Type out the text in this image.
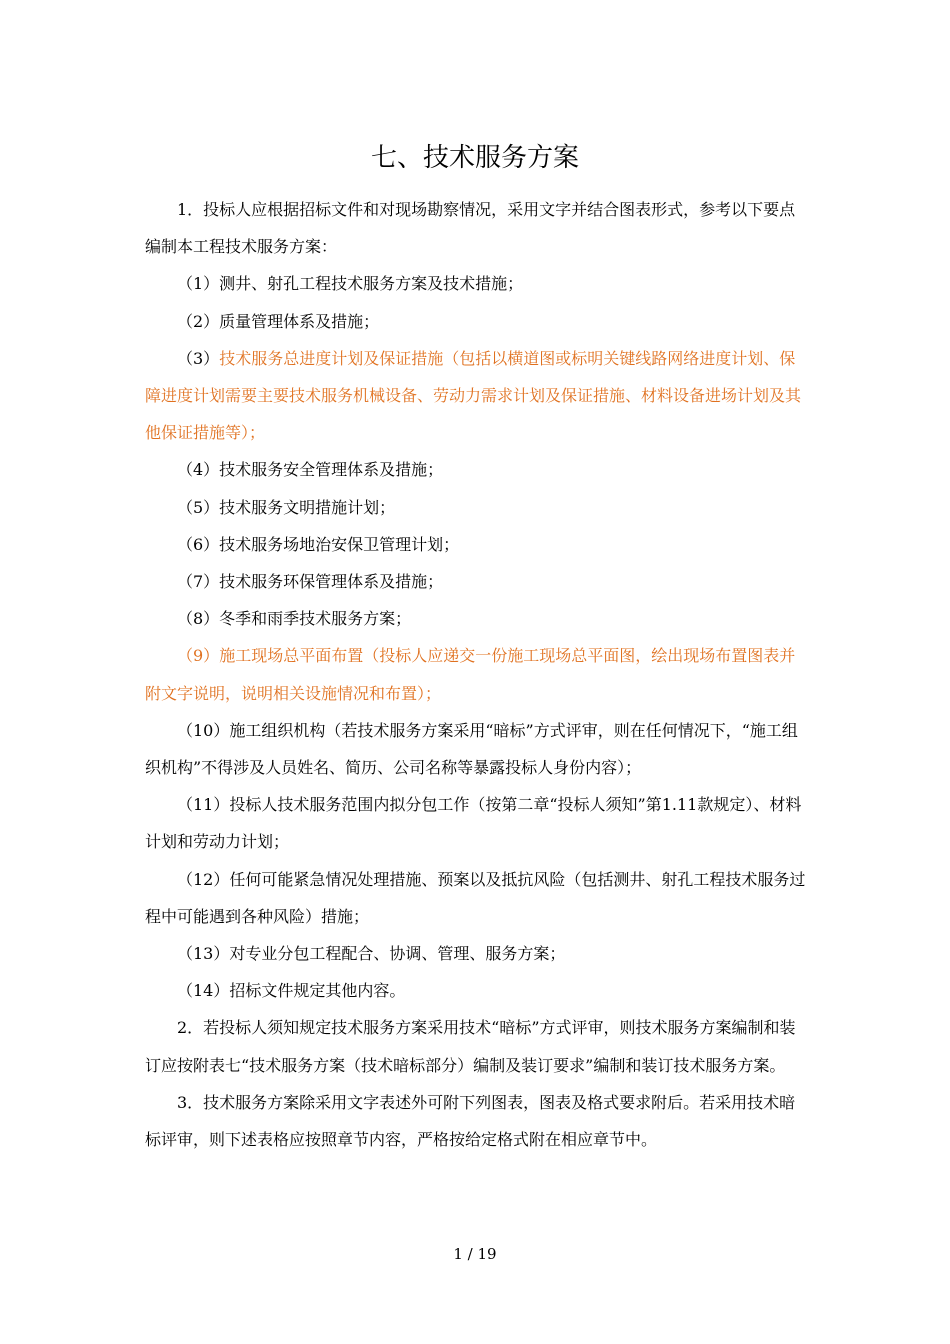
七、技术服务方案

1．投标人应根据招标文件和对现场勘察情况，采用文字并结合图表形式，参考以下要点编制本工程技术服务方案：

（1）测井、射孔工程技术服务方案及技术措施；

（2）质量管理体系及措施；

（3）技术服务总进度计划及保证措施（包括以横道图或标明关键线路网络进度计划、保障进度计划需要主要技术服务机械设备、劳动力需求计划及保证措施、材料设备进场计划及其他保证措施等）；

（4）技术服务安全管理体系及措施；

（5）技术服务文明措施计划；

（6）技术服务场地治安保卫管理计划；

（7）技术服务环保管理体系及措施；

（8）冬季和雨季技术服务方案；

（9）施工现场总平面布置（投标人应递交一份施工现场总平面图，绘出现场布置图表并附文字说明，说明相关设施情况和布置）；

（10）施工组织机构（若技术服务方案采用“暗标”方式评审，则在任何情况下，“施工组织机构”不得涉及人员姓名、简历、公司名称等暴露投标人身份内容）；

（11）投标人技术服务范围内拟分包工作（按第二章“投标人须知”第1.11款规定）、材料计划和劳动力计划；

（12）任何可能紧急情况处理措施、预案以及抵抗风险（包括测井、射孔工程技术服务过程中可能遇到各种风险）措施；

（13）对专业分包工程配合、协调、管理、服务方案；

（14）招标文件规定其他内容。

2．若投标人须知规定技术服务方案采用技术“暗标”方式评审，则技术服务方案编制和装订应按附表七“技术服务方案（技术暗标部分）编制及装订要求”编制和装订技术服务方案。

3．技术服务方案除采用文字表述外可附下列图表，图表及格式要求附后。若采用技术暗标评审，则下述表格应按照章节内容，严格按给定格式附在相应章节中。

1 / 19
